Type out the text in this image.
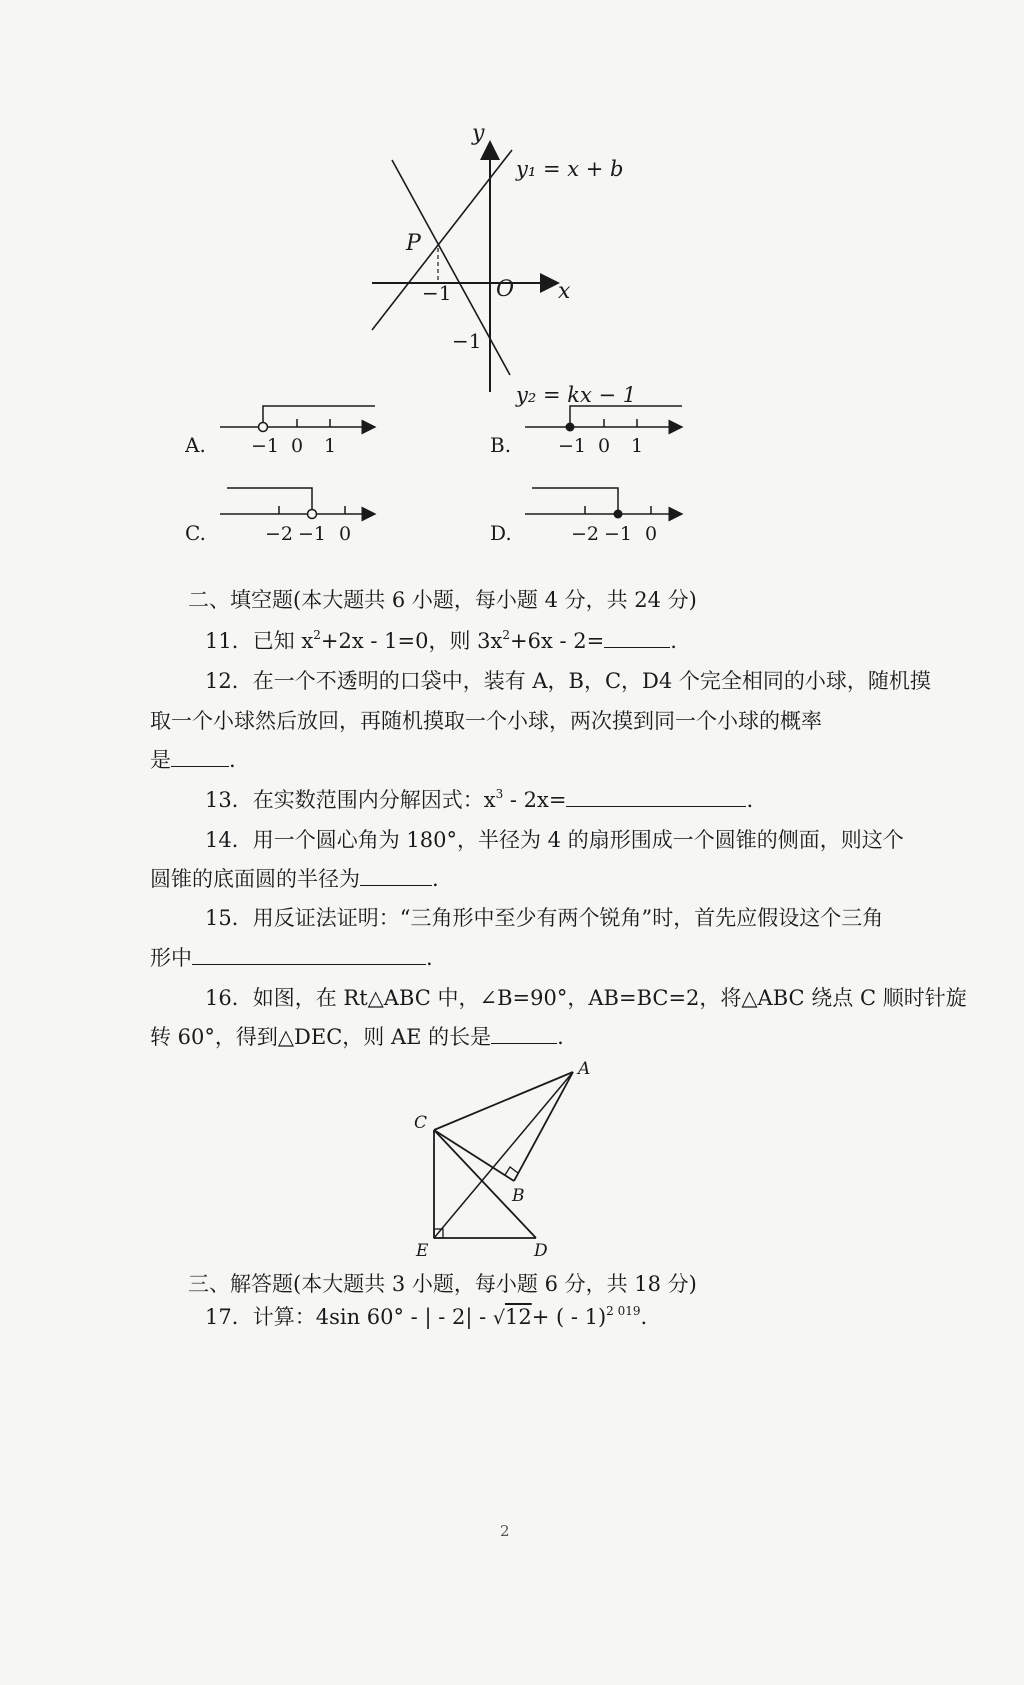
y
x
O
P
−1
−1
y₁ = x + b
y₂ = kx − 1
A. −1 0 1	B. −1 0 1
C.	−2 −1 0	D.	−2 −1 0
二、填空题(本大题共 6 小题，每小题 4 分，共 24 分)
11．已知 $x^2+2x - 1=0$，则 $3x^2+6x - 2=$	.
12．在一个不透明的口袋中，装有 A，B，C，D4 个完全相同的小球，随机摸
取一个小球然后放回，再随机摸取一个小球，两次摸到同一个小球的概率
是	.
13．在实数范围内分解因式：$x^3 - 2x=$	.
14．用一个圆心角为 180°，半径为 4 的扇形围成一个圆锥的侧面，则这个
圆锥的底面圆的半径为	.
15．用反证法证明：“三角形中至少有两个锐角”时，首先应假设这个三角
形中	.
16．如图，在 Rt△ABC 中，∠B=90°，AB=BC=2，将△ABC 绕点 C 顺时针旋
转 60°，得到△DEC，则 AE 的长是	.
A
B
C
D
E
三、解答题(本大题共 3 小题，每小题 6 分，共 18 分)
17．计算：4sin 60° - | - 2| - √12+ ( - 1)$^{2 019}$.
2
